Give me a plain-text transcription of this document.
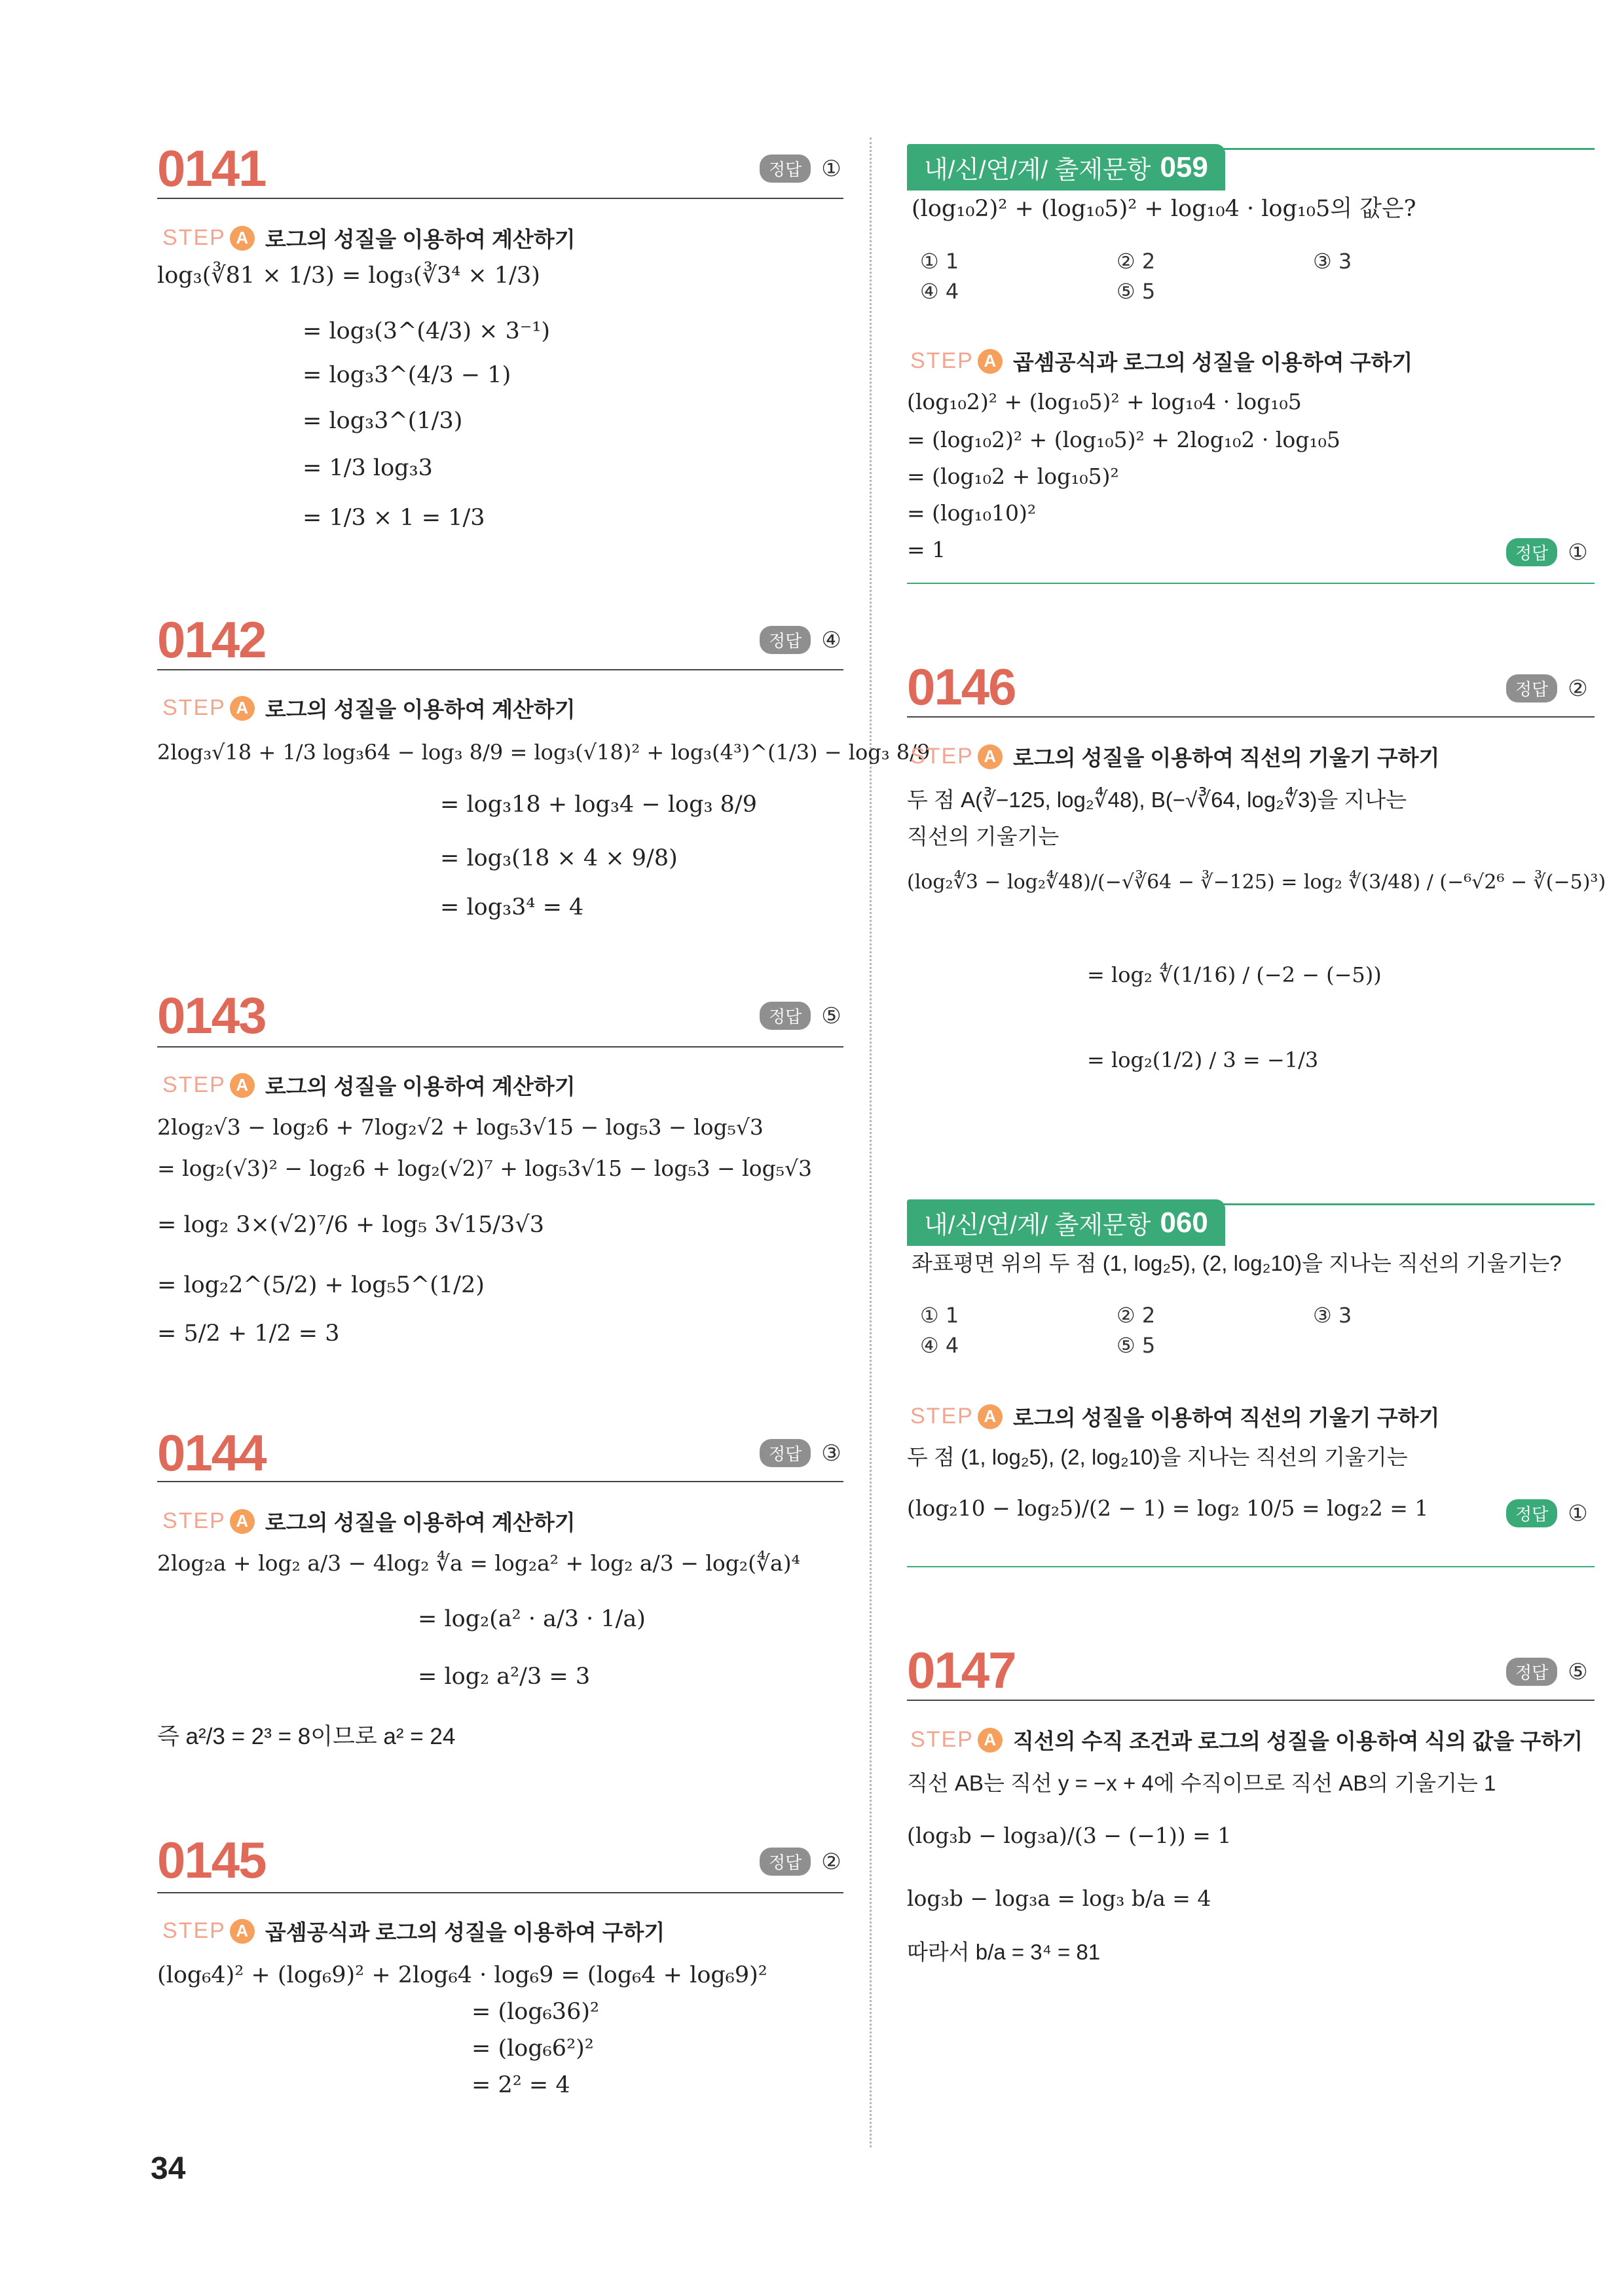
0141	정답 ①
STEP A 로그의 성질을 이용하여 계산하기
log₃(∛81 × 1/3) = log₃(∛3⁴ × 1/3)
= log₃(3^(4/3) × 3⁻¹)
= log₃3^(4/3 − 1)
= log₃3^(1/3)
= 1/3 log₃3
= 1/3 × 1 = 1/3
0142	정답 ④
STEP A 로그의 성질을 이용하여 계산하기
2log₃√18 + 1/3 log₃64 − log₃ 8/9 = log₃(√18)² + log₃(4³)^(1/3) − log₃ 8/9
= log₃18 + log₃4 − log₃ 8/9
= log₃(18 × 4 × 9/8)
= log₃3⁴ = 4
0143	정답 ⑤
STEP A 로그의 성질을 이용하여 계산하기
2log₂√3 − log₂6 + 7log₂√2 + log₅3√15 − log₅3 − log₅√3
= log₂(√3)² − log₂6 + log₂(√2)⁷ + log₅3√15 − log₅3 − log₅√3
= log₂ 3×(√2)⁷/6 + log₅ 3√15/3√3
= log₂2^(5/2) + log₅5^(1/2)
= 5/2 + 1/2 = 3
0144	정답 ③
STEP A 로그의 성질을 이용하여 계산하기
2log₂a + log₂ a/3 − 4log₂ ∜a = log₂a² + log₂ a/3 − log₂(∜a)⁴
= log₂(a² · a/3 · 1/a)
= log₂ a²/3 = 3
즉 a²/3 = 2³ = 8이므로 a² = 24
0145	정답 ②
STEP A 곱셈공식과 로그의 성질을 이용하여 구하기
(log₆4)² + (log₆9)² + 2log₆4 · log₆9 = (log₆4 + log₆9)²
= (log₆36)²
= (log₆6²)²
= 2² = 4
내/신/연/계/ 출제문항 059
(log₁₀2)² + (log₁₀5)² + log₁₀4 · log₁₀5의 값은?
① 1	② 2	③ 3
④ 4	⑤ 5
STEP A 곱셈공식과 로그의 성질을 이용하여 구하기
(log₁₀2)² + (log₁₀5)² + log₁₀4 · log₁₀5
= (log₁₀2)² + (log₁₀5)² + 2log₁₀2 · log₁₀5
= (log₁₀2 + log₁₀5)²
= (log₁₀10)²
= 1	정답 ①
0146	정답 ②
STEP A 로그의 성질을 이용하여 직선의 기울기 구하기
두 점 A(∛−125, log₂∜48), B(−√∛64, log₂∜3)을 지나는
직선의 기울기는
(log₂∜3 − log₂∜48)/(−√∛64 − ∛−125) = log₂ ∜(3/48) / (−⁶√2⁶ − ∛(−5)³)
= log₂ ∜(1/16) / (−2 − (−5))
= log₂(1/2) / 3 = −1/3
내/신/연/계/ 출제문항 060
좌표평면 위의 두 점 (1, log₂5), (2, log₂10)을 지나는 직선의 기울기는?
① 1	② 2	③ 3
④ 4	⑤ 5
STEP A 로그의 성질을 이용하여 직선의 기울기 구하기
두 점 (1, log₂5), (2, log₂10)을 지나는 직선의 기울기는
(log₂10 − log₂5)/(2 − 1) = log₂ 10/5 = log₂2 = 1	정답 ①
0147	정답 ⑤
STEP A 직선의 수직 조건과 로그의 성질을 이용하여 식의 값을 구하기
직선 AB는 직선 y = −x + 4에 수직이므로 직선 AB의 기울기는 1
(log₃b − log₃a)/(3 − (−1)) = 1
log₃b − log₃a = log₃ b/a = 4
따라서 b/a = 3⁴ = 81
34
